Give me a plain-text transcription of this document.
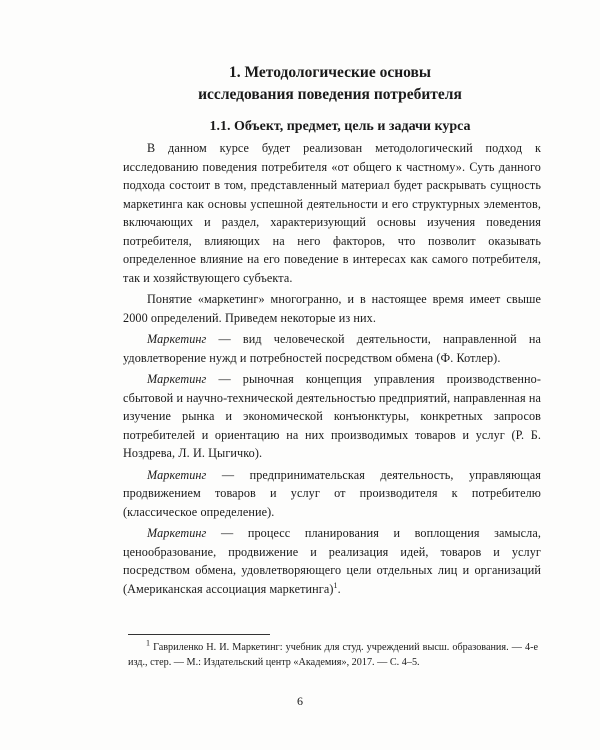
1. Методологические основы
исследования поведения потребителя
1.1. Объект, предмет, цель и задачи курса

В данном курсе будет реализован методологический подход к исследованию поведения потребителя «от общего к частному». Суть данного подхода состоит в том, представленный материал будет раскрывать сущность маркетинга как основы успешной деятельности и его структурных элементов, включающих и раздел, характеризующий основы изучения поведения потребителя, влияющих на него факторов, что позволит оказывать определенное влияние на его поведение в интересах как самого потребителя, так и хозяйствующего субъекта.

Понятие «маркетинг» многогранно, и в настоящее время имеет свыше 2000 определений. Приведем некоторые из них.

Маркетинг — вид человеческой деятельности, направленной на удовлетворение нужд и потребностей посредством обмена (Ф. Котлер).

Маркетинг — рыночная концепция управления производственно-сбытовой и научно-технической деятельностью предприятий, направленная на изучение рынка и экономической конъюнктуры, конкретных запросов потребителей и ориентацию на них производимых товаров и услуг (Р. Б. Ноздрева, Л. И. Цыгичко).

Маркетинг — предпринимательская деятельность, управляющая продвижением товаров и услуг от производителя к потребителю (классическое определение).

Маркетинг — процесс планирования и воплощения замысла, ценообразование, продвижение и реализация идей, товаров и услуг посредством обмена, удовлетворяющего цели отдельных лиц и организаций (Американская ассоциация маркетинга)$^1$.

$^1$ Гавриленко Н. И. Маркетинг: учебник для студ. учреждений высш. образования. — 4-е изд., стер. — М.: Издательский центр «Академия», 2017. — С. 4–5.
6
